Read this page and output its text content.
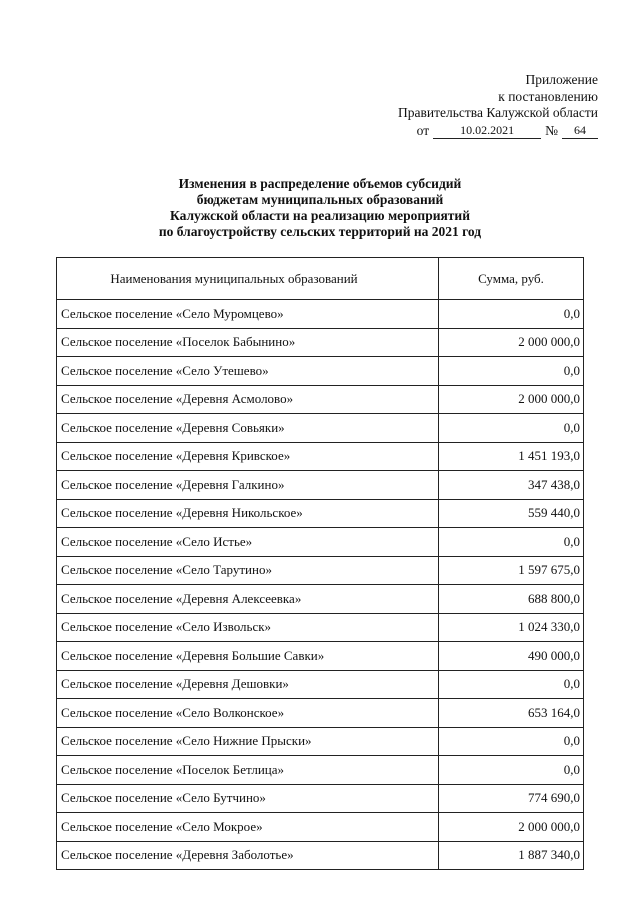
Приложение
к постановлению
Правительства Калужской области
от	10.02.2021	№	64
Изменения в распределение объемов субсидий
бюджетам муниципальных образований
Калужской области на реализацию мероприятий
по благоустройству сельских территорий на 2021 год
Наименования муниципальных образований	Сумма, руб.
Сельское поселение «Село Муромцево»	0,0
Сельское поселение «Поселок Бабынино»	2 000 000,0
Сельское поселение «Село Утешево»	0,0
Сельское поселение «Деревня Асмолово»	2 000 000,0
Сельское поселение «Деревня Совьяки»	0,0
Сельское поселение «Деревня Кривское»	1 451 193,0
Сельское поселение «Деревня Галкино»	347 438,0
Сельское поселение «Деревня Никольское»	559 440,0
Сельское поселение «Село Истье»	0,0
Сельское поселение «Село Тарутино»	1 597 675,0
Сельское поселение «Деревня Алексеевка»	688 800,0
Сельское поселение «Село Извольск»	1 024 330,0
Сельское поселение «Деревня Большие Савки»	490 000,0
Сельское поселение «Деревня Дешовки»	0,0
Сельское поселение «Село Волконское»	653 164,0
Сельское поселение «Село Нижние Прыски»	0,0
Сельское поселение «Поселок Бетлица»	0,0
Сельское поселение «Село Бутчино»	774 690,0
Сельское поселение «Село Мокрое»	2 000 000,0
Сельское поселение «Деревня Заболотье»	1 887 340,0
